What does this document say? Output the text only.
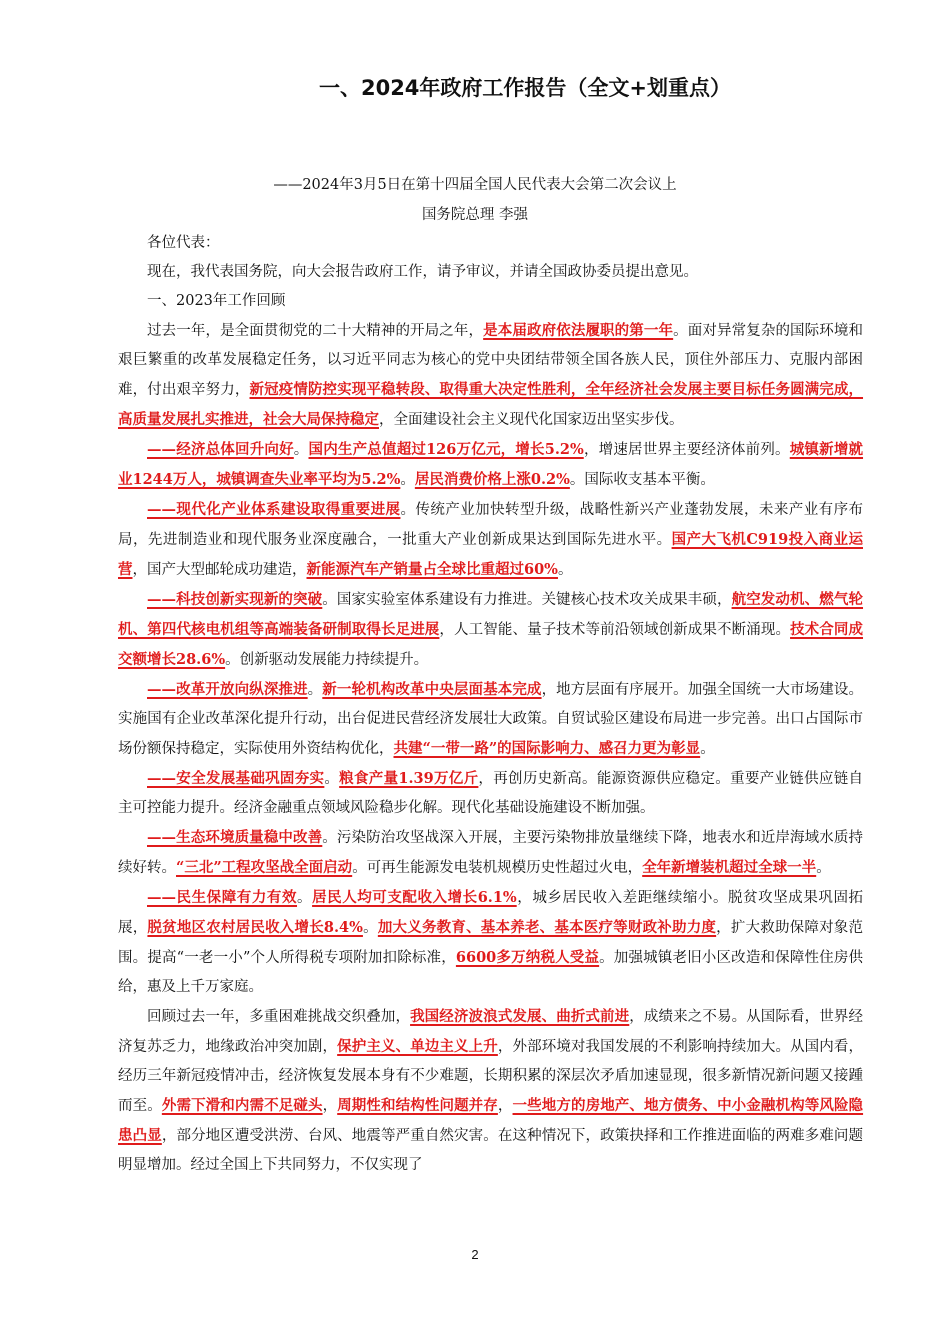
一、2024年政府工作报告（全文+划重点）
——2024年3月5日在第十四届全国人民代表大会第二次会议上
国务院总理 李强

各位代表：

现在，我代表国务院，向大会报告政府工作，请予审议，并请全国政协委员提出意见。

一、2023年工作回顾

过去一年，是全面贯彻党的二十大精神的开局之年，是本届政府依法履职的第一年。面对异常复杂的国际环境和艰巨繁重的改革发展稳定任务，以习近平同志为核心的党中央团结带领全国各族人民，顶住外部压力、克服内部困难，付出艰辛努力，新冠疫情防控实现平稳转段、取得重大决定性胜利，全年经济社会发展主要目标任务圆满完成，高质量发展扎实推进，社会大局保持稳定，全面建设社会主义现代化国家迈出坚实步伐。

——经济总体回升向好。国内生产总值超过126万亿元，增长5.2%，增速居世界主要经济体前列。城镇新增就业1244万人，城镇调查失业率平均为5.2%。居民消费价格上涨0.2%。国际收支基本平衡。

——现代化产业体系建设取得重要进展。传统产业加快转型升级，战略性新兴产业蓬勃发展，未来产业有序布局，先进制造业和现代服务业深度融合，一批重大产业创新成果达到国际先进水平。国产大飞机C919投入商业运营，国产大型邮轮成功建造，新能源汽车产销量占全球比重超过60%。

——科技创新实现新的突破。国家实验室体系建设有力推进。关键核心技术攻关成果丰硕，航空发动机、燃气轮机、第四代核电机组等高端装备研制取得长足进展，人工智能、量子技术等前沿领域创新成果不断涌现。技术合同成交额增长28.6%。创新驱动发展能力持续提升。

——改革开放向纵深推进。新一轮机构改革中央层面基本完成，地方层面有序展开。加强全国统一大市场建设。实施国有企业改革深化提升行动，出台促进民营经济发展壮大政策。自贸试验区建设布局进一步完善。出口占国际市场份额保持稳定，实际使用外资结构优化，共建“一带一路”的国际影响力、感召力更为彰显。

——安全发展基础巩固夯实。粮食产量1.39万亿斤，再创历史新高。能源资源供应稳定。重要产业链供应链自主可控能力提升。经济金融重点领域风险稳步化解。现代化基础设施建设不断加强。

——生态环境质量稳中改善。污染防治攻坚战深入开展，主要污染物排放量继续下降，地表水和近岸海域水质持续好转。“三北”工程攻坚战全面启动。可再生能源发电装机规模历史性超过火电，全年新增装机超过全球一半。

——民生保障有力有效。居民人均可支配收入增长6.1%，城乡居民收入差距继续缩小。脱贫攻坚成果巩固拓展，脱贫地区农村居民收入增长8.4%。加大义务教育、基本养老、基本医疗等财政补助力度，扩大救助保障对象范围。提高“一老一小”个人所得税专项附加扣除标准，6600多万纳税人受益。加强城镇老旧小区改造和保障性住房供给，惠及上千万家庭。

回顾过去一年，多重困难挑战交织叠加，我国经济波浪式发展、曲折式前进，成绩来之不易。从国际看，世界经济复苏乏力，地缘政治冲突加剧，保护主义、单边主义上升，外部环境对我国发展的不利影响持续加大。从国内看，经历三年新冠疫情冲击，经济恢复发展本身有不少难题，长期积累的深层次矛盾加速显现，很多新情况新问题又接踵而至。外需下滑和内需不足碰头，周期性和结构性问题并存，一些地方的房地产、地方债务、中小金融机构等风险隐患凸显，部分地区遭受洪涝、台风、地震等严重自然灾害。在这种情况下，政策抉择和工作推进面临的两难多难问题明显增加。经过全国上下共同努力，不仅实现了

2
